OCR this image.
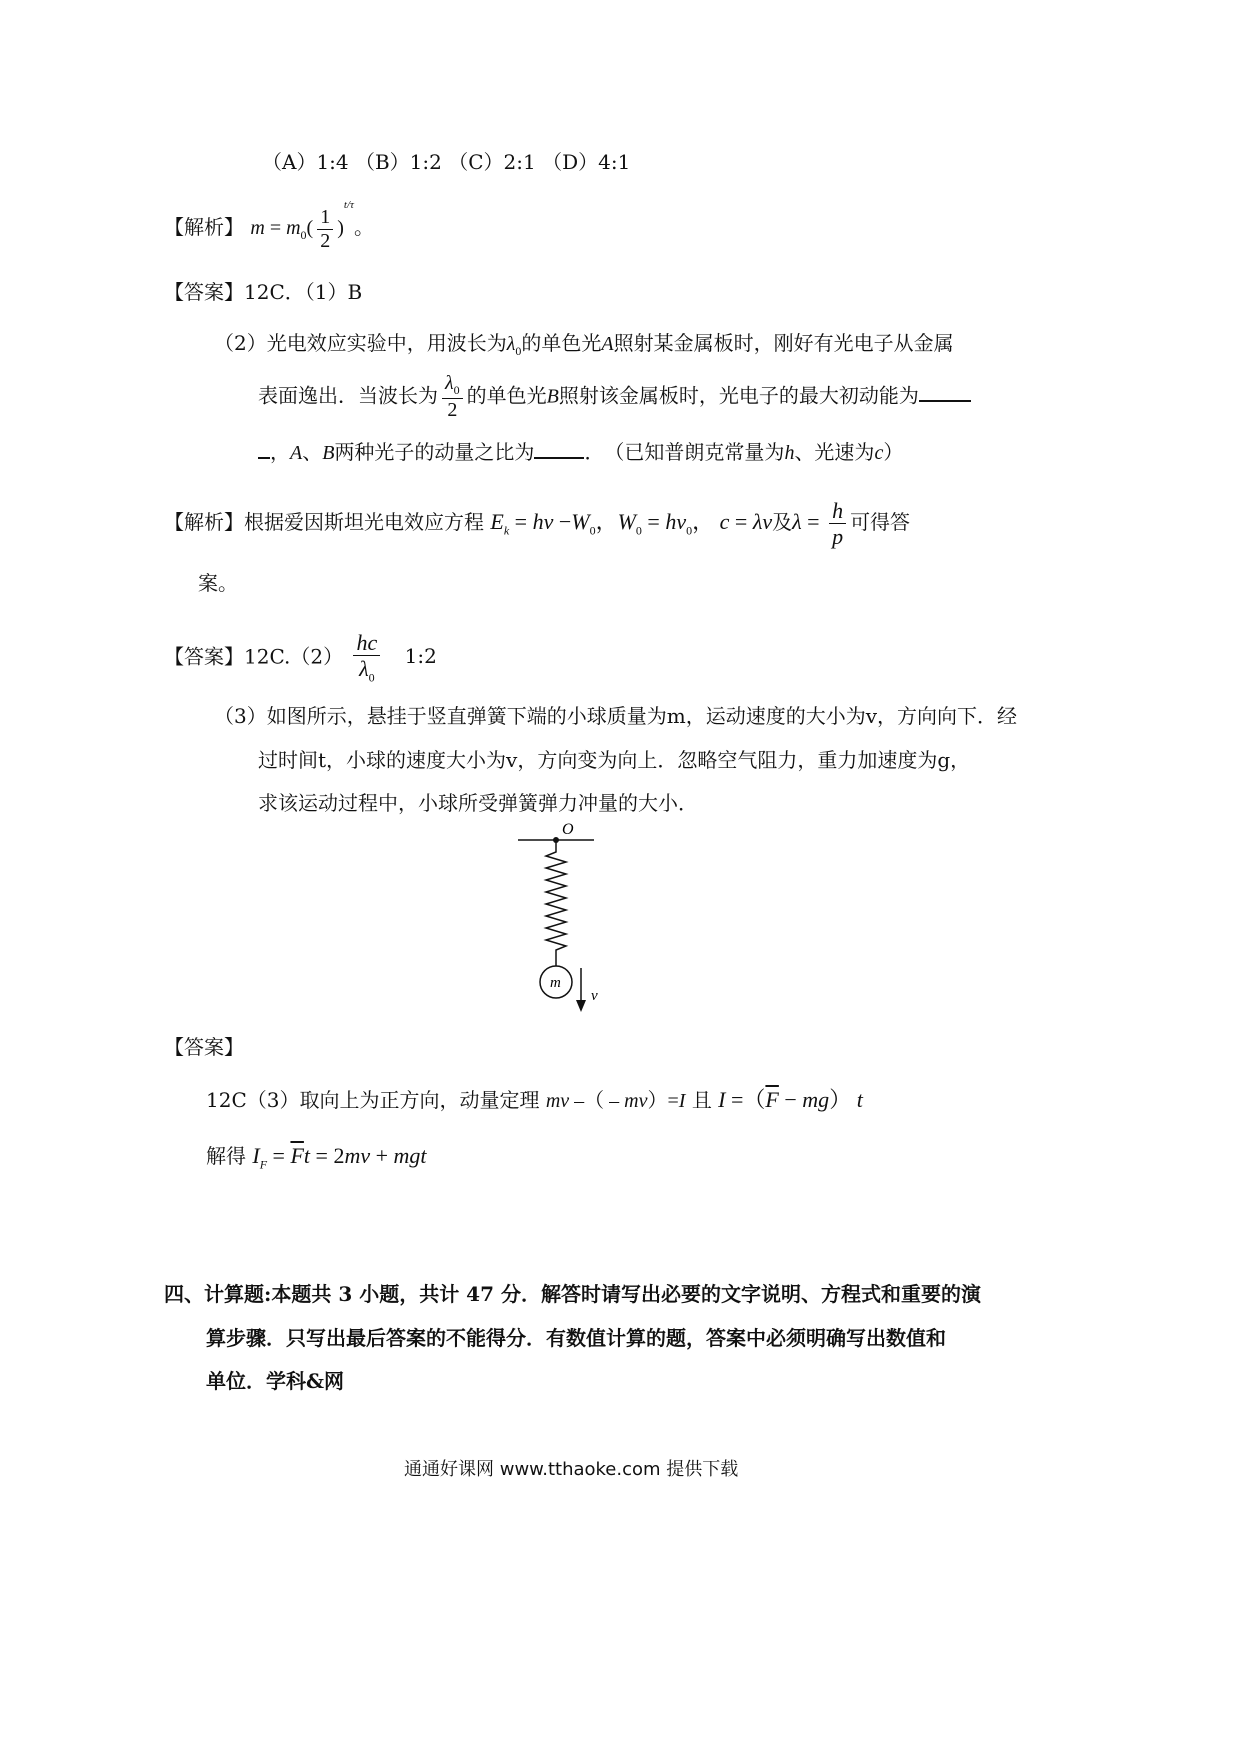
（A）1:4 （B）1:2 （C）2:1 （D）4:1
【解析】 $m = m_0( \frac{1}{2} )^{t/\tau}$。
【答案】12C．（1）B
（2）光电效应实验中，用波长为$\lambda_0$的单色光A照射某金属板时，刚好有光电子从金属
表面逸出．当波长为 $\frac{\lambda_0}{2}$ 的单色光B照射该金属板时，光电子的最大初动能为
，A、B两种光子的动量之比为	．　（已知普朗克常量为h、光速为c）
【解析】根据爱因斯坦光电效应方程 $E_k = h\nu -W_0$，$W_0 = h\nu_0$， c = λν及$\lambda = \frac{h}{p}$ 可得答
案。
【答案】$12C.(2) \frac{hc}{\lambda_0}$ 1:2
（3）如图所示，悬挂于竖直弹簧下端的小球质量为m，运动速度的大小为v，方向向下．经
过时间t，小球的速度大小为v，方向变为向上．忽略空气阻力，重力加速度为g，
求该运动过程中，小球所受弹簧弹力冲量的大小．
O
m
v
【答案】
12C（3）取向上为正方向，动量定理 mv –（ – mv）=I 且 $I =(\overline{F} - mg)$ t
解得 $I_F = \overline{F}t = 2mv$ + mgt
四、计算题:本题共 3 小题，共计 47 分．解答时请写出必要的文字说明、方程式和重要的演
算步骤．只写出最后答案的不能得分．有数值计算的题，答案中必须明确写出数值和
单位．学科&网
通通好课网 www.tthaoke.com 提供下载
